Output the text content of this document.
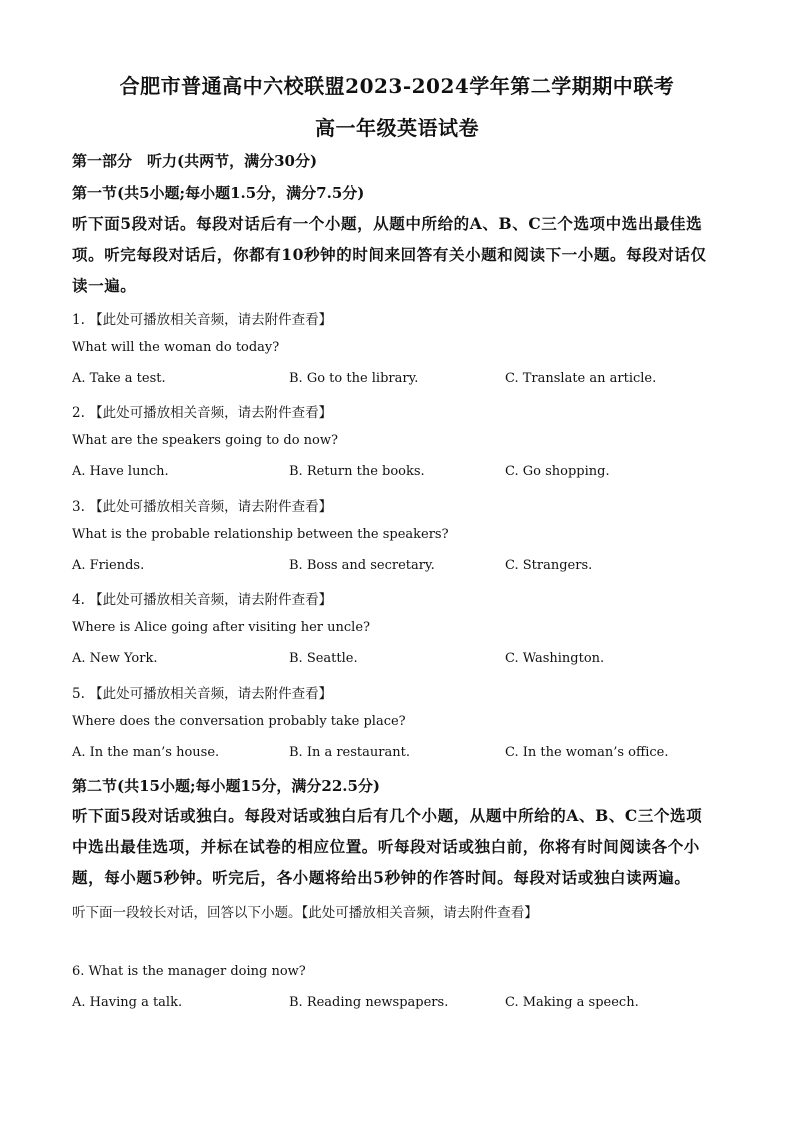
合肥市普通高中六校联盟2023-2024学年第二学期期中联考
高一年级英语试卷
第一部分　听力(共两节，满分30分)
第一节(共5小题;每小题1.5分，满分7.5分)
听下面5段对话。每段对话后有一个小题，从题中所给的A、B、C三个选项中选出最佳选
项。听完每段对话后，你都有10秒钟的时间来回答有关小题和阅读下一小题。每段对话仅
读一遍。
1. 【此处可播放相关音频，请去附件查看】
What will the woman do today?
A. Take a test.	B. Go to the library.	C. Translate an article.
2. 【此处可播放相关音频，请去附件查看】
What are the speakers going to do now?
A. Have lunch.	B. Return the books.	C. Go shopping.
3. 【此处可播放相关音频，请去附件查看】
What is the probable relationship between the speakers?
A. Friends.	B. Boss and secretary.	C. Strangers.
4. 【此处可播放相关音频，请去附件查看】
Where is Alice going after visiting her uncle?
A. New York.	B. Seattle.	C. Washington.
5. 【此处可播放相关音频，请去附件查看】
Where does the conversation probably take place?
A. In the man’s house.	B. In a restaurant.	C. In the woman’s office.
第二节(共15小题;每小题15分，满分22.5分)
听下面5段对话或独白。每段对话或独白后有几个小题，从题中所给的A、B、C三个选项
中选出最佳选项，并标在试卷的相应位置。听每段对话或独白前，你将有时间阅读各个小
题，每小题5秒钟。听完后，各小题将给出5秒钟的作答时间。每段对话或独白读两遍。
听下面一段较长对话，回答以下小题。【此处可播放相关音频，请去附件查看】
6. What is the manager doing now?
A. Having a talk.	B. Reading newspapers.	C. Making a speech.
